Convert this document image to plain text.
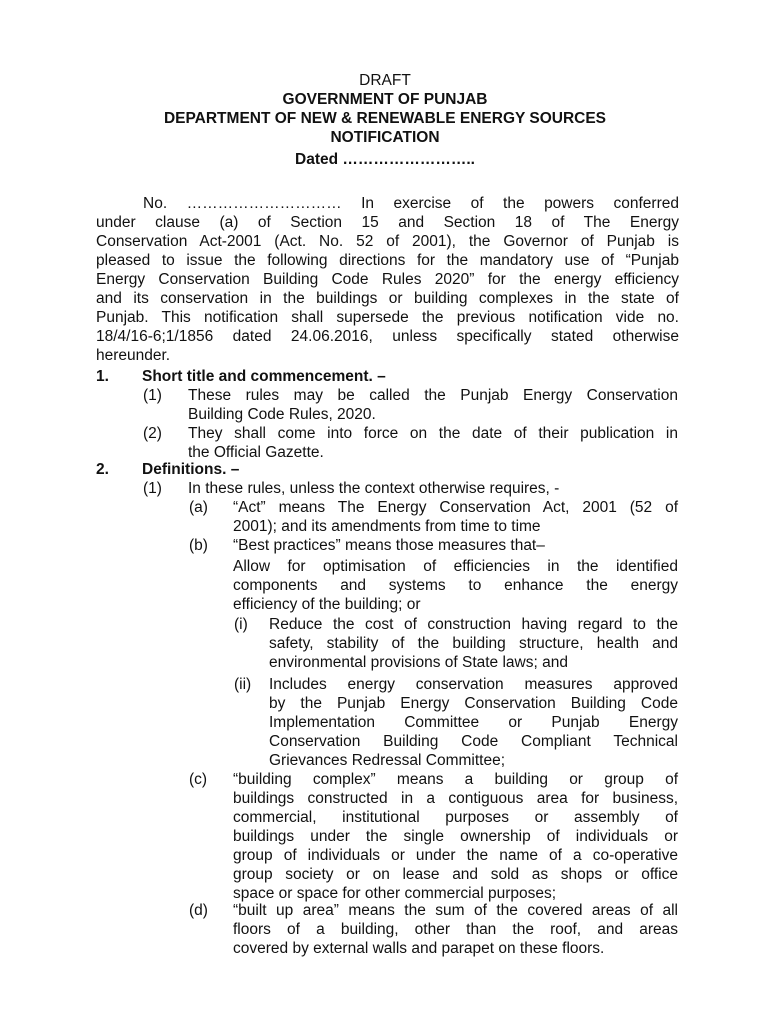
DRAFT
GOVERNMENT OF PUNJAB
DEPARTMENT OF NEW & RENEWABLE ENERGY SOURCES
NOTIFICATION
Dated ……………………..
No. ………………………… In exercise of the powers conferred
under clause (a) of Section 15 and Section 18 of The Energy
Conservation Act-2001 (Act. No. 52 of 2001), the Governor of Punjab is
pleased to issue the following directions for the mandatory use of “Punjab
Energy Conservation Building Code Rules 2020” for the energy efficiency
and its conservation in the buildings or building complexes in the state of
Punjab. This notification shall supersede the previous notification vide no.
18/4/16-6;1/1856 dated 24.06.2016, unless specifically stated otherwise
hereunder.
1. Short title and commencement. –
(1) These rules may be called the Punjab Energy Conservation
Building Code Rules, 2020.
(2) They shall come into force on the date of their publication in
the Official Gazette.
2. Definitions. –
(1) In these rules, unless the context otherwise requires, -
(a) “Act” means The Energy Conservation Act, 2001 (52 of
2001); and its amendments from time to time
(b) “Best practices” means those measures that–
Allow for optimisation of efficiencies in the identified
components and systems to enhance the energy
efficiency of the building; or
(i) Reduce the cost of construction having regard to the
safety, stability of the building structure, health and
environmental provisions of State laws; and
(ii) Includes energy conservation measures approved
by the Punjab Energy Conservation Building Code
Implementation Committee or Punjab Energy
Conservation Building Code Compliant Technical
Grievances Redressal Committee;
(c) “building complex” means a building or group of
buildings constructed in a contiguous area for business,
commercial, institutional purposes or assembly of
buildings under the single ownership of individuals or
group of individuals or under the name of a co-operative
group society or on lease and sold as shops or office
space or space for other commercial purposes;
(d) “built up area” means the sum of the covered areas of all
floors of a building, other than the roof, and areas
covered by external walls and parapet on these floors.
